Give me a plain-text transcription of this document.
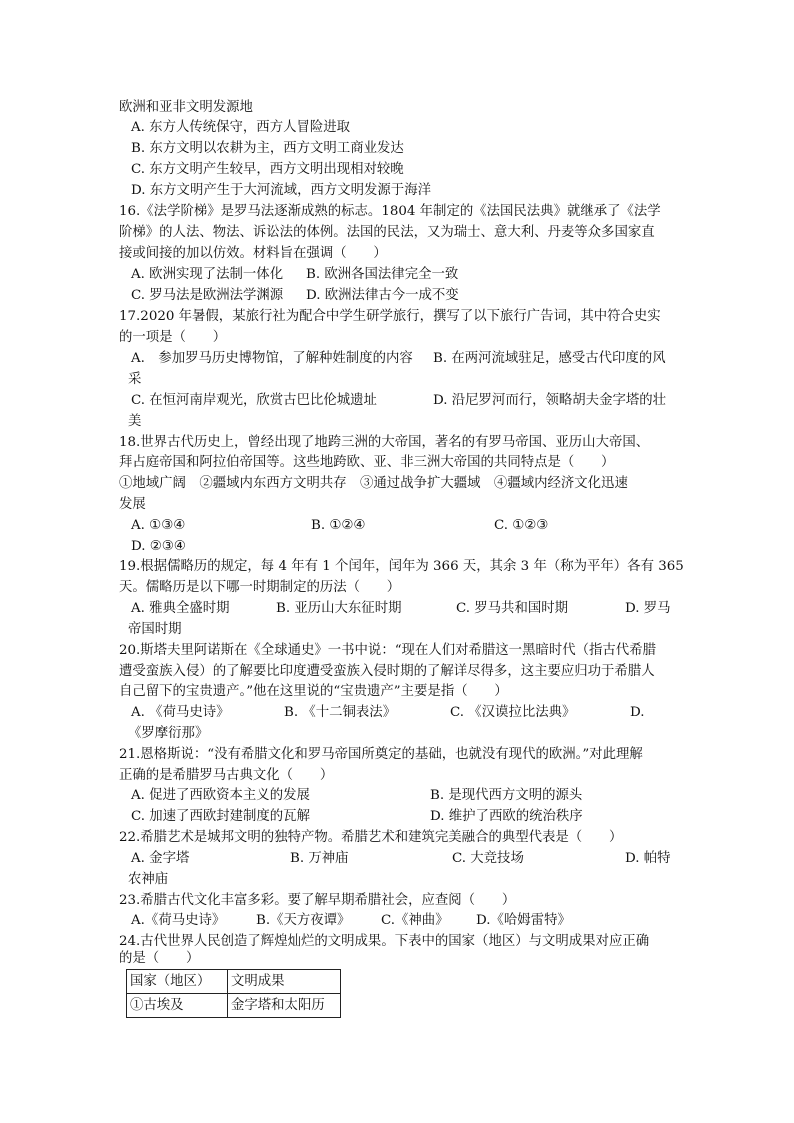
欧洲和亚非文明发源地
A. 东方人传统保守，西方人冒险进取
B. 东方文明以农耕为主，西方文明工商业发达
C. 东方文明产生较早，西方文明出现相对较晚
D. 东方文明产生于大河流域，西方文明发源于海洋
16.《法学阶梯》是罗马法逐渐成熟的标志。1804 年制定的《法国民法典》就继承了《法学
阶梯》的人法、物法、诉讼法的体例。法国的民法，又为瑞士、意大利、丹麦等众多国家直
接或间接的加以仿效。材料旨在强调（　　）
A. 欧洲实现了法制一体化 B. 欧洲各国法律完全一致
C. 罗马法是欧洲法学渊源 D. 欧洲法律古今一成不变
17.2020 年暑假，某旅行社为配合中学生研学旅行，撰写了以下旅行广告词，其中符合史实
的一项是（　　）
A.　参加罗马历史博物馆，了解种姓制度的内容 B. 在两河流域驻足，感受古代印度的风
采
C. 在恒河南岸观光，欣赏古巴比伦城遗址	D. 沿尼罗河而行，领略胡夫金字塔的壮
美
18.世界古代历史上，曾经出现了地跨三洲的大帝国，著名的有罗马帝国、亚历山大帝国、
拜占庭帝国和阿拉伯帝国等。这些地跨欧、亚、非三洲大帝国的共同特点是（　　）
①地域广阔　②疆域内东西方文明共存　③通过战争扩大疆域　④疆域内经济文化迅速
发展
A. ①③④	B. ①②④	C. ①②③
D. ②③④
19.根据儒略历的规定，每 4 年有 1 个闰年，闰年为 366 天，其余 3 年（称为平年）各有 365
天。儒略历是以下哪一时期制定的历法（　　）
A. 雅典全盛时期	B. 亚历山大东征时期	C. 罗马共和国时期	D. 罗马
帝国时期
20.斯塔夫里阿诺斯在《全球通史》一书中说：“现在人们对希腊这一黑暗时代（指古代希腊
遭受蛮族入侵）的了解要比印度遭受蛮族入侵时期的了解详尽得多，这主要应归功于希腊人
自己留下的宝贵遗产。”他在这里说的“宝贵遗产”主要是指（　　）
A. 《荷马史诗》	B. 《十二铜表法》	C. 《汉谟拉比法典》	D.
《罗摩衍那》
21.恩格斯说：“没有希腊文化和罗马帝国所奠定的基础，也就没有现代的欧洲。”对此理解
正确的是希腊罗马古典文化（　　）
A. 促进了西欧资本主义的发展	B. 是现代西方文明的源头
C. 加速了西欧封建制度的瓦解	D. 维护了西欧的统治秩序
22.希腊艺术是城邦文明的独特产物。希腊艺术和建筑完美融合的典型代表是（　　）
A. 金字塔	B. 万神庙	C. 大竞技场	D. 帕特
农神庙
23.希腊古代文化丰富多彩。要了解早期希腊社会，应查阅（　　）
A.《荷马史诗》 B.《天方夜谭》 C.《神曲》 D.《哈姆雷特》
24.古代世界人民创造了辉煌灿烂的文明成果。下表中的国家（地区）与文明成果对应正确
的是（　　）
国家（地区）	文明成果
①古埃及	金字塔和太阳历
